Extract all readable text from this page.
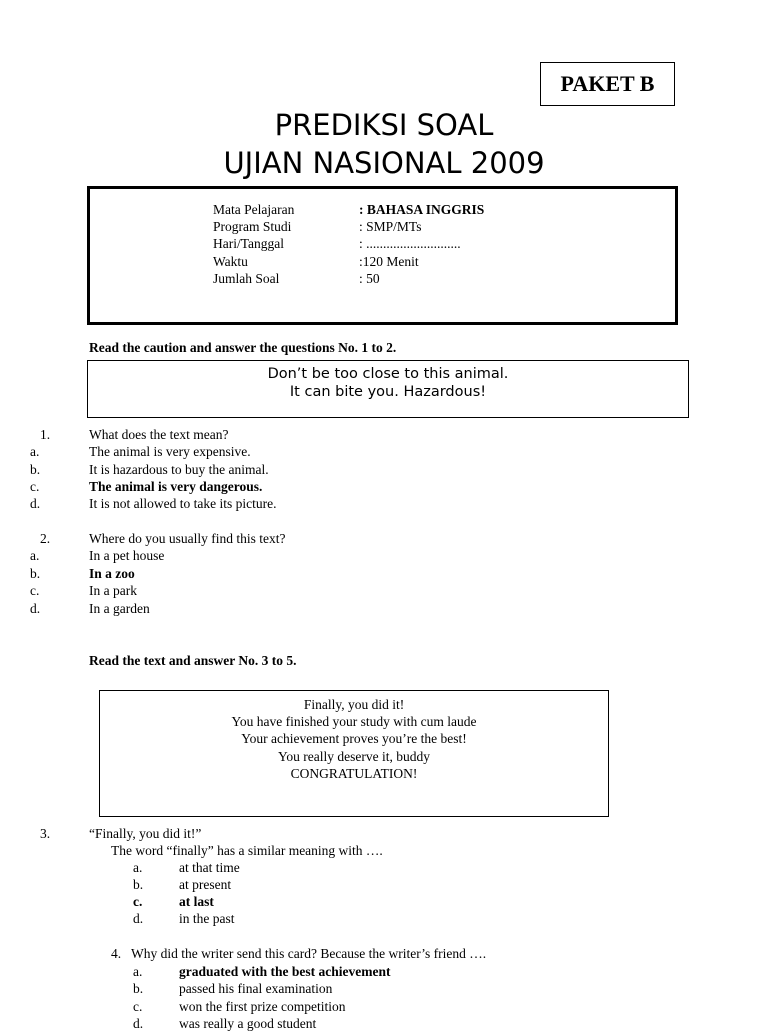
PAKET B
PREDIKSI SOAL
UJIAN NASIONAL 2009
Mata Pelajaran	: BAHASA INGGRIS
Program Studi	: SMP/MTs
Hari/Tanggal	: ............................
Waktu	:120 Menit
Jumlah Soal	: 50
Read the caution and answer the questions No. 1 to 2.
Don’t be too close to this animal.
It can bite you. Hazardous!
1.	What does the text mean?
a.	The animal is very expensive.
b.	It is hazardous to buy the animal.
c.	The animal is very dangerous.
d.	It is not allowed to take its picture.
2.	Where do you usually find this text?
a.	In a pet house
b.	In a zoo
c.	In a park
d.	In a garden
Read the text and answer No. 3 to 5.
Finally, you did it!
You have finished your study with cum laude
Your achievement proves you’re the best!
You really deserve it, buddy
CONGRATULATION!
3.	“Finally, you did it!”
The word “finally” has a similar meaning with ….
a.	at that time
b.	at present
c.	at last
d.	in the past
4.   Why did the writer send this card? Because the writer’s friend ….
a.	graduated with the best achievement
b.	passed his final examination
c.	won the first prize competition
d.	was really a good student
